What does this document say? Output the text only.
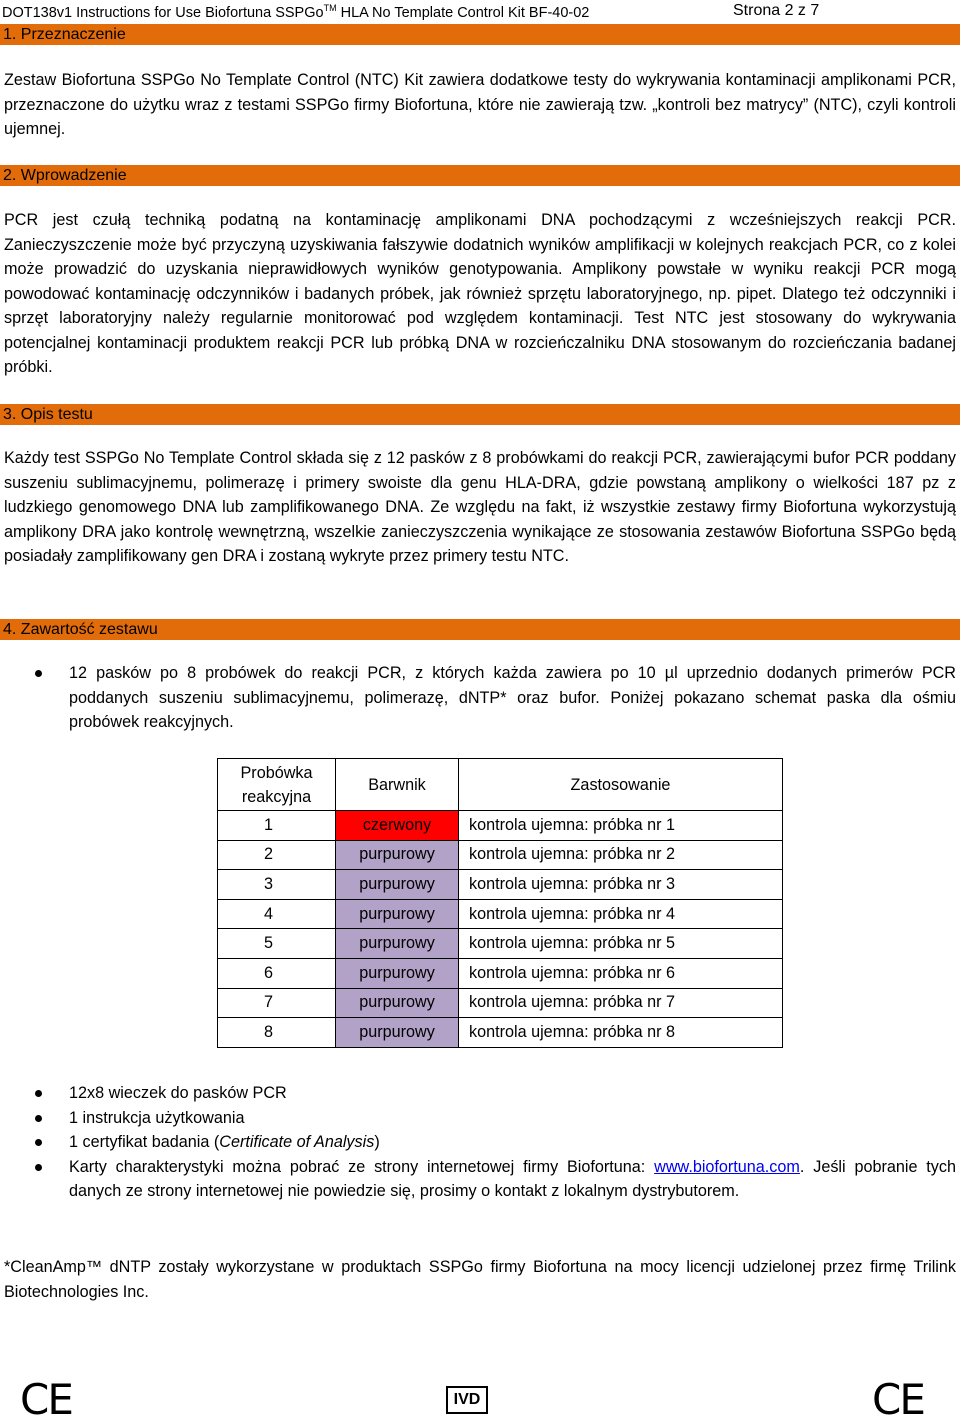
DOT138v1 Instructions for Use Biofortuna SSPGo™ HLA No Template Control Kit BF-40-02	Strona 2 z 7
1. Przeznaczenie
Zestaw Biofortuna SSPGo No Template Control (NTC) Kit zawiera dodatkowe testy do wykrywania kontaminacji amplikonami PCR, przeznaczone do użytku wraz z testami SSPGo firmy Biofortuna, które nie zawierają tzw. „kontroli bez matrycy” (NTC), czyli kontroli ujemnej.
2. Wprowadzenie
PCR jest czułą techniką podatną na kontaminację amplikonami DNA pochodzącymi z wcześniejszych reakcji PCR. Zanieczyszczenie może być przyczyną uzyskiwania fałszywie dodatnich wyników amplifikacji w kolejnych reakcjach PCR, co z kolei może prowadzić do uzyskania nieprawidłowych wyników genotypowania. Amplikony powstałe w wyniku reakcji PCR mogą powodować kontaminację odczynników i badanych próbek, jak również sprzętu laboratoryjnego, np. pipet. Dlatego też odczynniki i sprzęt laboratoryjny należy regularnie monitorować pod względem kontaminacji. Test NTC jest stosowany do wykrywania potencjalnej kontaminacji produktem reakcji PCR lub próbką DNA w rozcieńczalniku DNA stosowanym do rozcieńczania badanej próbki.
3. Opis testu
Każdy test SSPGo No Template Control składa się z 12 pasków z 8 probówkami do reakcji PCR, zawierającymi bufor PCR poddany suszeniu sublimacyjnemu, polimerazę i primery swoiste dla genu HLA-DRA, gdzie powstaną amplikony o wielkości 187 pz z ludzkiego genomowego DNA lub zamplifikowanego DNA. Ze względu na fakt, iż wszystkie zestawy firmy Biofortuna wykorzystują amplikony DRA jako kontrolę wewnętrzną, wszelkie zanieczyszczenia wynikające ze stosowania zestawów Biofortuna SSPGo będą posiadały zamplifikowany gen DRA i zostaną wykryte przez primery testu NTC.
4. Zawartość zestawu
12 pasków po 8 probówek do reakcji PCR, z których każda zawiera po 10 µl uprzednio dodanych primerów PCR poddanych suszeniu sublimacyjnemu, polimerazę, dNTP* oraz bufor. Poniżej pokazano schemat paska dla ośmiu probówek reakcyjnych.
Probówka reakcyjna	Barwnik	Zastosowanie
1	czerwony	kontrola ujemna: próbka nr 1
2	purpurowy	kontrola ujemna: próbka nr 2
3	purpurowy	kontrola ujemna: próbka nr 3
4	purpurowy	kontrola ujemna: próbka nr 4
5	purpurowy	kontrola ujemna: próbka nr 5
6	purpurowy	kontrola ujemna: próbka nr 6
7	purpurowy	kontrola ujemna: próbka nr 7
8	purpurowy	kontrola ujemna: próbka nr 8
12x8 wieczek do pasków PCR
1 instrukcja użytkowania
1 certyfikat badania (Certificate of Analysis)
Karty charakterystyki można pobrać ze strony internetowej firmy Biofortuna: www.biofortuna.com. Jeśli pobranie tych danych ze strony internetowej nie powiedzie się, prosimy o kontakt z lokalnym dystrybutorem.
*CleanAmp™ dNTP zostały wykorzystane w produktach SSPGo firmy Biofortuna na mocy licencji udzielonej przez firmę Trilink Biotechnologies Inc.
CE	IVD	CE
